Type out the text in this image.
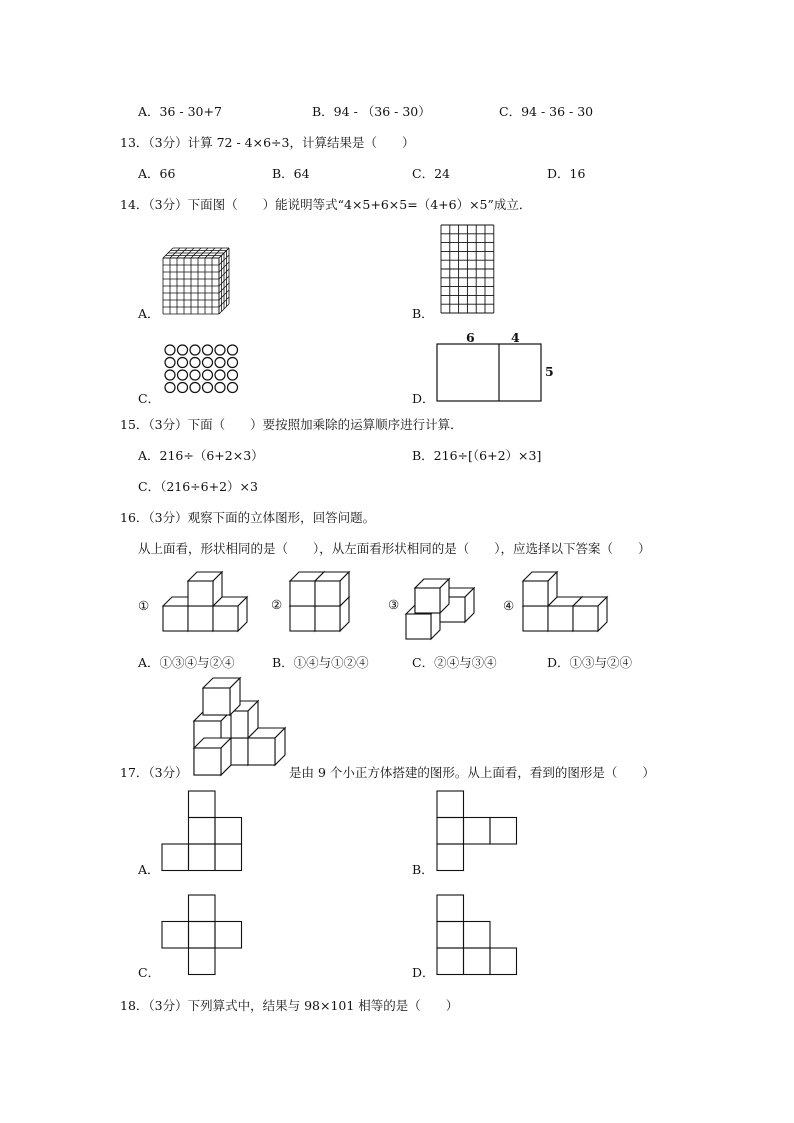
A．36 - 30+7	B．94 - （36 - 30）	C．94 - 36 - 30
13．（3分）计算 72 - 4×6÷3，计算结果是（　　）
A．66	B．64	C．24	D．16
14．（3分）下面图（　　）能说明等式“4×5+6×5=（4+6）×5”成立．
A．	B．
C．
6	4
5
D．
15．（3分）下面（　　）要按照加乘除的运算顺序进行计算．
A．216÷（6+2×3）	B．216÷[（6+2）×3]
C．（216÷6+2）×3
16．（3分）观察下面的立体图形，回答问题。
从上面看，形状相同的是（　　），从左面看形状相同的是（　　），应选择以下答案（　　）
①	②	③	④
A．①③④与②④	B．①④与①②④	C．②④与③④	D．①③与②④
17．（3分）	是由 9 个小正方体搭建的图形。从上面看，看到的图形是（　　）
A．	B．
C．	D．
18．（3分）下列算式中，结果与 98×101 相等的是（　　）
